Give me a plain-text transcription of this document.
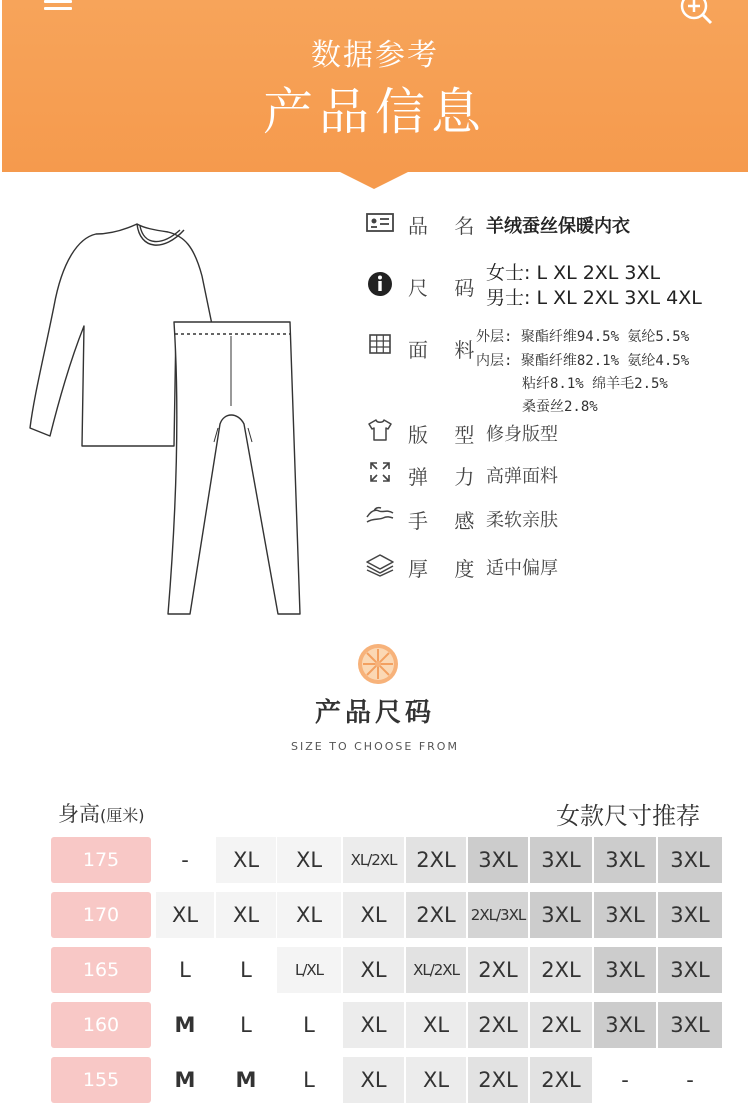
数据参考
产品信息
品 名 羊绒蚕丝保暖内衣
尺 码
女士: L XL 2XL 3XL
男士: L XL 2XL 3XL 4XL
面 料
外层: 聚酯纤维94.5% 氨纶5.5%
内层: 聚酯纤维82.1% 氨纶4.5%
粘纤8.1% 绵羊毛2.5%
桑蚕丝2.8%
版 型 修身版型
弹 力 高弹面料
手 感 柔软亲肤
厚 度 适中偏厚
产品尺码
SIZE TO CHOOSE FROM
身高(厘米)	女款尺寸推荐
175	-	XL	XL	XL/2XL 2XL	3XL	3XL	3XL	3XL
170	XL	XL	XL	XL	2XL	2XL/3XL 3XL	3XL	3XL
165	L	L	L/XL	XL	XL/2XL 2XL	2XL	3XL	3XL
160	M	L	L	XL	XL	2XL	2XL	3XL	3XL
155	M	M	L	XL	XL	2XL	2XL	-	-
